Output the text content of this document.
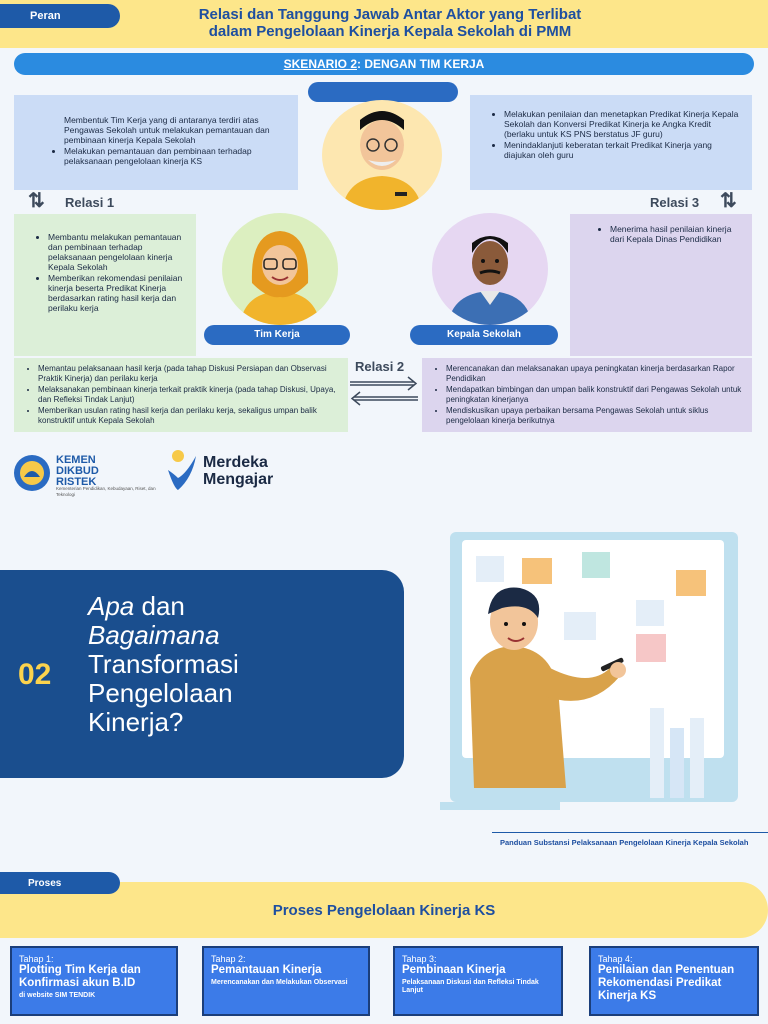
Peran	Relasi dan Tanggung Jawab Antar Aktor yang Terlibat
dalam Pengelolaan Kinerja Kepala Sekolah di PMM
SKENARIO 2: DENGAN TIM KERJA
Membentuk Tim Kerja yang di antaranya terdiri atas Pengawas Sekolah untuk melakukan pemantauan dan pembinaan kinerja Kepala Sekolah
• Melakukan pemantauan dan pembinaan terhadap pelaksanaan pengelolaan kinerja KS
• Melakukan penilaian dan menetapkan Predikat Kinerja Kepala Sekolah dan Konversi Predikat Kinerja ke Angka Kredit (berlaku untuk KS PNS berstatus JF guru)
• Menindaklanjuti keberatan terkait Predikat Kinerja yang diajukan oleh guru
⇅ Relasi 1	Relasi 3 ⇅
• Membantu melakukan pemantauan dan pembinaan terhadap pelaksanaan pengelolaan kinerja Kepala Sekolah
• Memberikan rekomendasi penilaian kinerja beserta Predikat Kinerja berdasarkan rating hasil kerja dan perilaku kerja
• Menerima hasil penilaian kinerja dari Kepala Dinas Pendidikan
Tim Kerja	Kepala Sekolah
• Memantau pelaksanaan hasil kerja (pada tahap Diskusi Persiapan dan Observasi Praktik Kinerja) dan perilaku kerja
• Melaksanakan pembinaan kinerja terkait praktik kinerja (pada tahap Diskusi, Upaya, dan Refleksi Tindak Lanjut)
• Memberikan usulan rating hasil kerja dan perilaku kerja, sekaligus umpan balik konstruktif untuk Kepala Sekolah
Relasi 2
•	Merencanakan dan melaksanakan upaya peningkatan kinerja berdasarkan Rapor Pendidikan
• Mendapatkan bimbingan dan umpan balik konstruktif dari Pengawas Sekolah untuk peningkatan kinerjanya
• Mendiskusikan upaya perbaikan bersama Pengawas Sekolah untuk siklus pengelolaan kinerja berikutnya
KEMEN
DIKBUD
RISTEK
Kementerian Pendidikan, Kebudayaan, Riset, dan Teknologi
Merdeka
Mengajar
02
Apa dan
Bagaimana
Transformasi
Pengelolaan
Kinerja?
Panduan Substansi Pelaksanaan Pengelolaan Kinerja Kepala Sekolah
Proses
Proses Pengelolaan Kinerja KS
Tahap 1:
Plotting Tim Kerja dan Konfirmasi akun B.ID
di website SIM TENDIK
Tahap 2:
Pemantauan Kinerja
Merencanakan dan Melakukan Observasi
Tahap 3:
Pembinaan Kinerja
Pelaksanaan Diskusi dan Refleksi Tindak Lanjut
Tahap 4:
Penilaian dan Penentuan Rekomendasi Predikat Kinerja KS
